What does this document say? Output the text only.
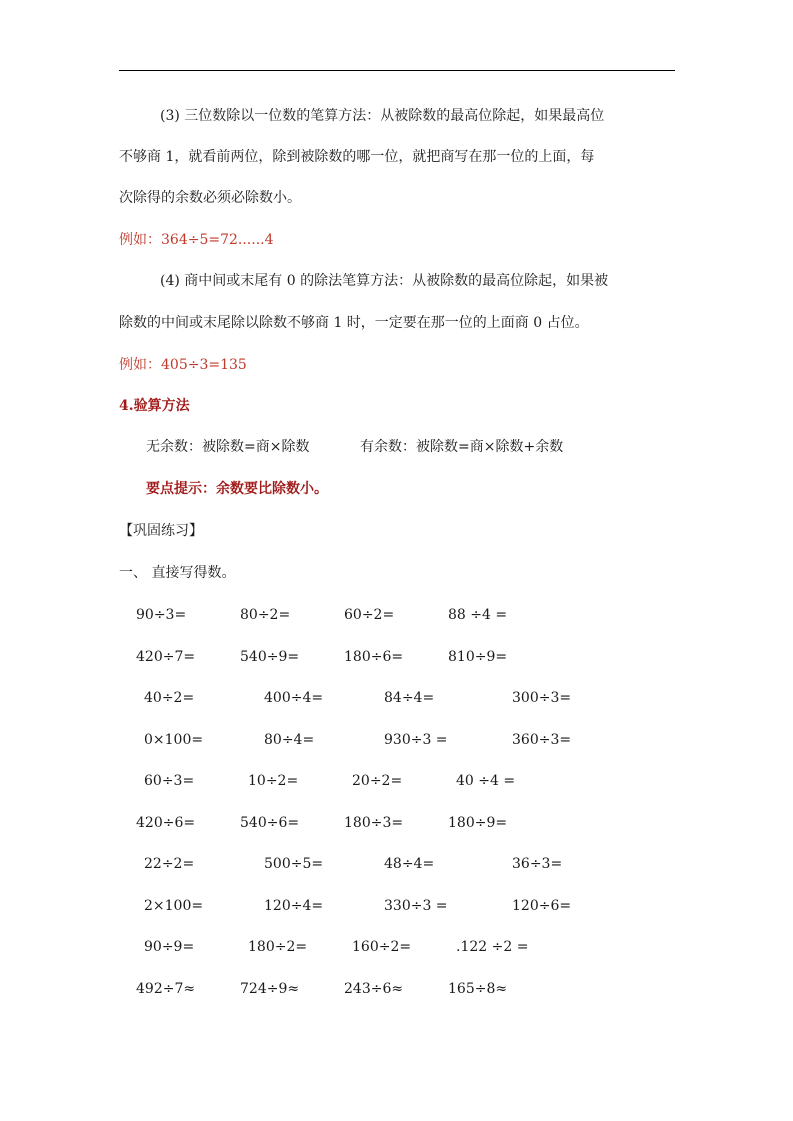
(3) 三位数除以一位数的笔算方法：从被除数的最高位除起，如果最高位
不够商 1，就看前两位，除到被除数的哪一位，就把商写在那一位的上面，每
次除得的余数必须必除数小。
例如：364÷5=72......4
(4) 商中间或末尾有 0 的除法笔算方法：从被除数的最高位除起，如果被
除数的中间或末尾除以除数不够商 1 时，一定要在那一位的上面商 0 占位。
例如：405÷3=135
4.验算方法
无余数：被除数=商×除数	有余数：被除数=商×除数+余数
要点提示：余数要比除数小。
【巩固练习】
一、 直接写得数。
90÷3=	80÷2=	60÷2=	88 ÷4 =
420÷7=	540÷9=	180÷6=	810÷9=
40÷2=	400÷4=	84÷4=	300÷3=
0×100=	80÷4=	930÷3 =	360÷3=
60÷3=	10÷2=	20÷2=	40 ÷4 =
420÷6=	540÷6=	180÷3=	180÷9=
22÷2=	500÷5=	48÷4=	36÷3=
2×100=	120÷4=	330÷3 =	120÷6=
90÷9=	180÷2=	160÷2=	.122 ÷2 =
492÷7≈	724÷9≈	243÷6≈	165÷8≈
